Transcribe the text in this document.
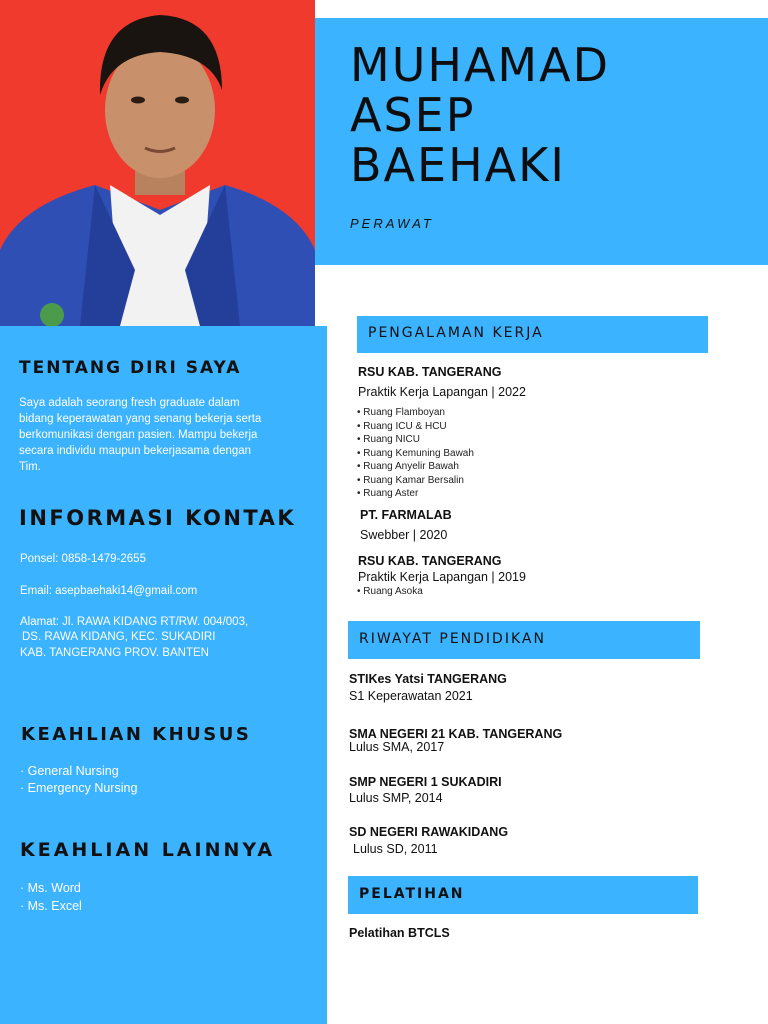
MUHAMAD
ASEP
BAEHAKI
PERAWAT
TENTANG DIRI SAYA
Saya adalah seorang fresh graduate dalam
bidang keperawatan yang senang bekerja serta
berkomunikasi dengan pasien. Mampu bekerja
secara individu maupun bekerjasama dengan
Tim.
INFORMASI KONTAK
Ponsel: 0858-1479-2655
Email: asepbaehaki14@gmail.com
Alamat: Jl. RAWA KIDANG RT/RW. 004/003,
DS. RAWA KIDANG, KEC. SUKADIRI
KAB. TANGERANG PROV. BANTEN
KEAHLIAN KHUSUS
· General Nursing
· Emergency Nursing
KEAHLIAN LAINNYA
· Ms. Word
· Ms. Excel
PENGALAMAN KERJA
RSU KAB. TANGERANG
Praktik Kerja Lapangan | 2022
• Ruang Flamboyan
• Ruang ICU & HCU
• Ruang NICU
• Ruang Kemuning Bawah
• Ruang Anyelir Bawah
• Ruang Kamar Bersalin
• Ruang Aster
PT. FARMALAB
Swebber | 2020
RSU KAB. TANGERANG
Praktik Kerja Lapangan | 2019
• Ruang Asoka
RIWAYAT PENDIDIKAN
STIKes Yatsi TANGERANG
S1 Keperawatan 2021
SMA NEGERI 21 KAB. TANGERANG
Lulus SMA, 2017
SMP NEGERI 1 SUKADIRI
Lulus SMP, 2014
SD NEGERI RAWAKIDANG
Lulus SD, 2011
PELATIHAN
Pelatihan BTCLS
